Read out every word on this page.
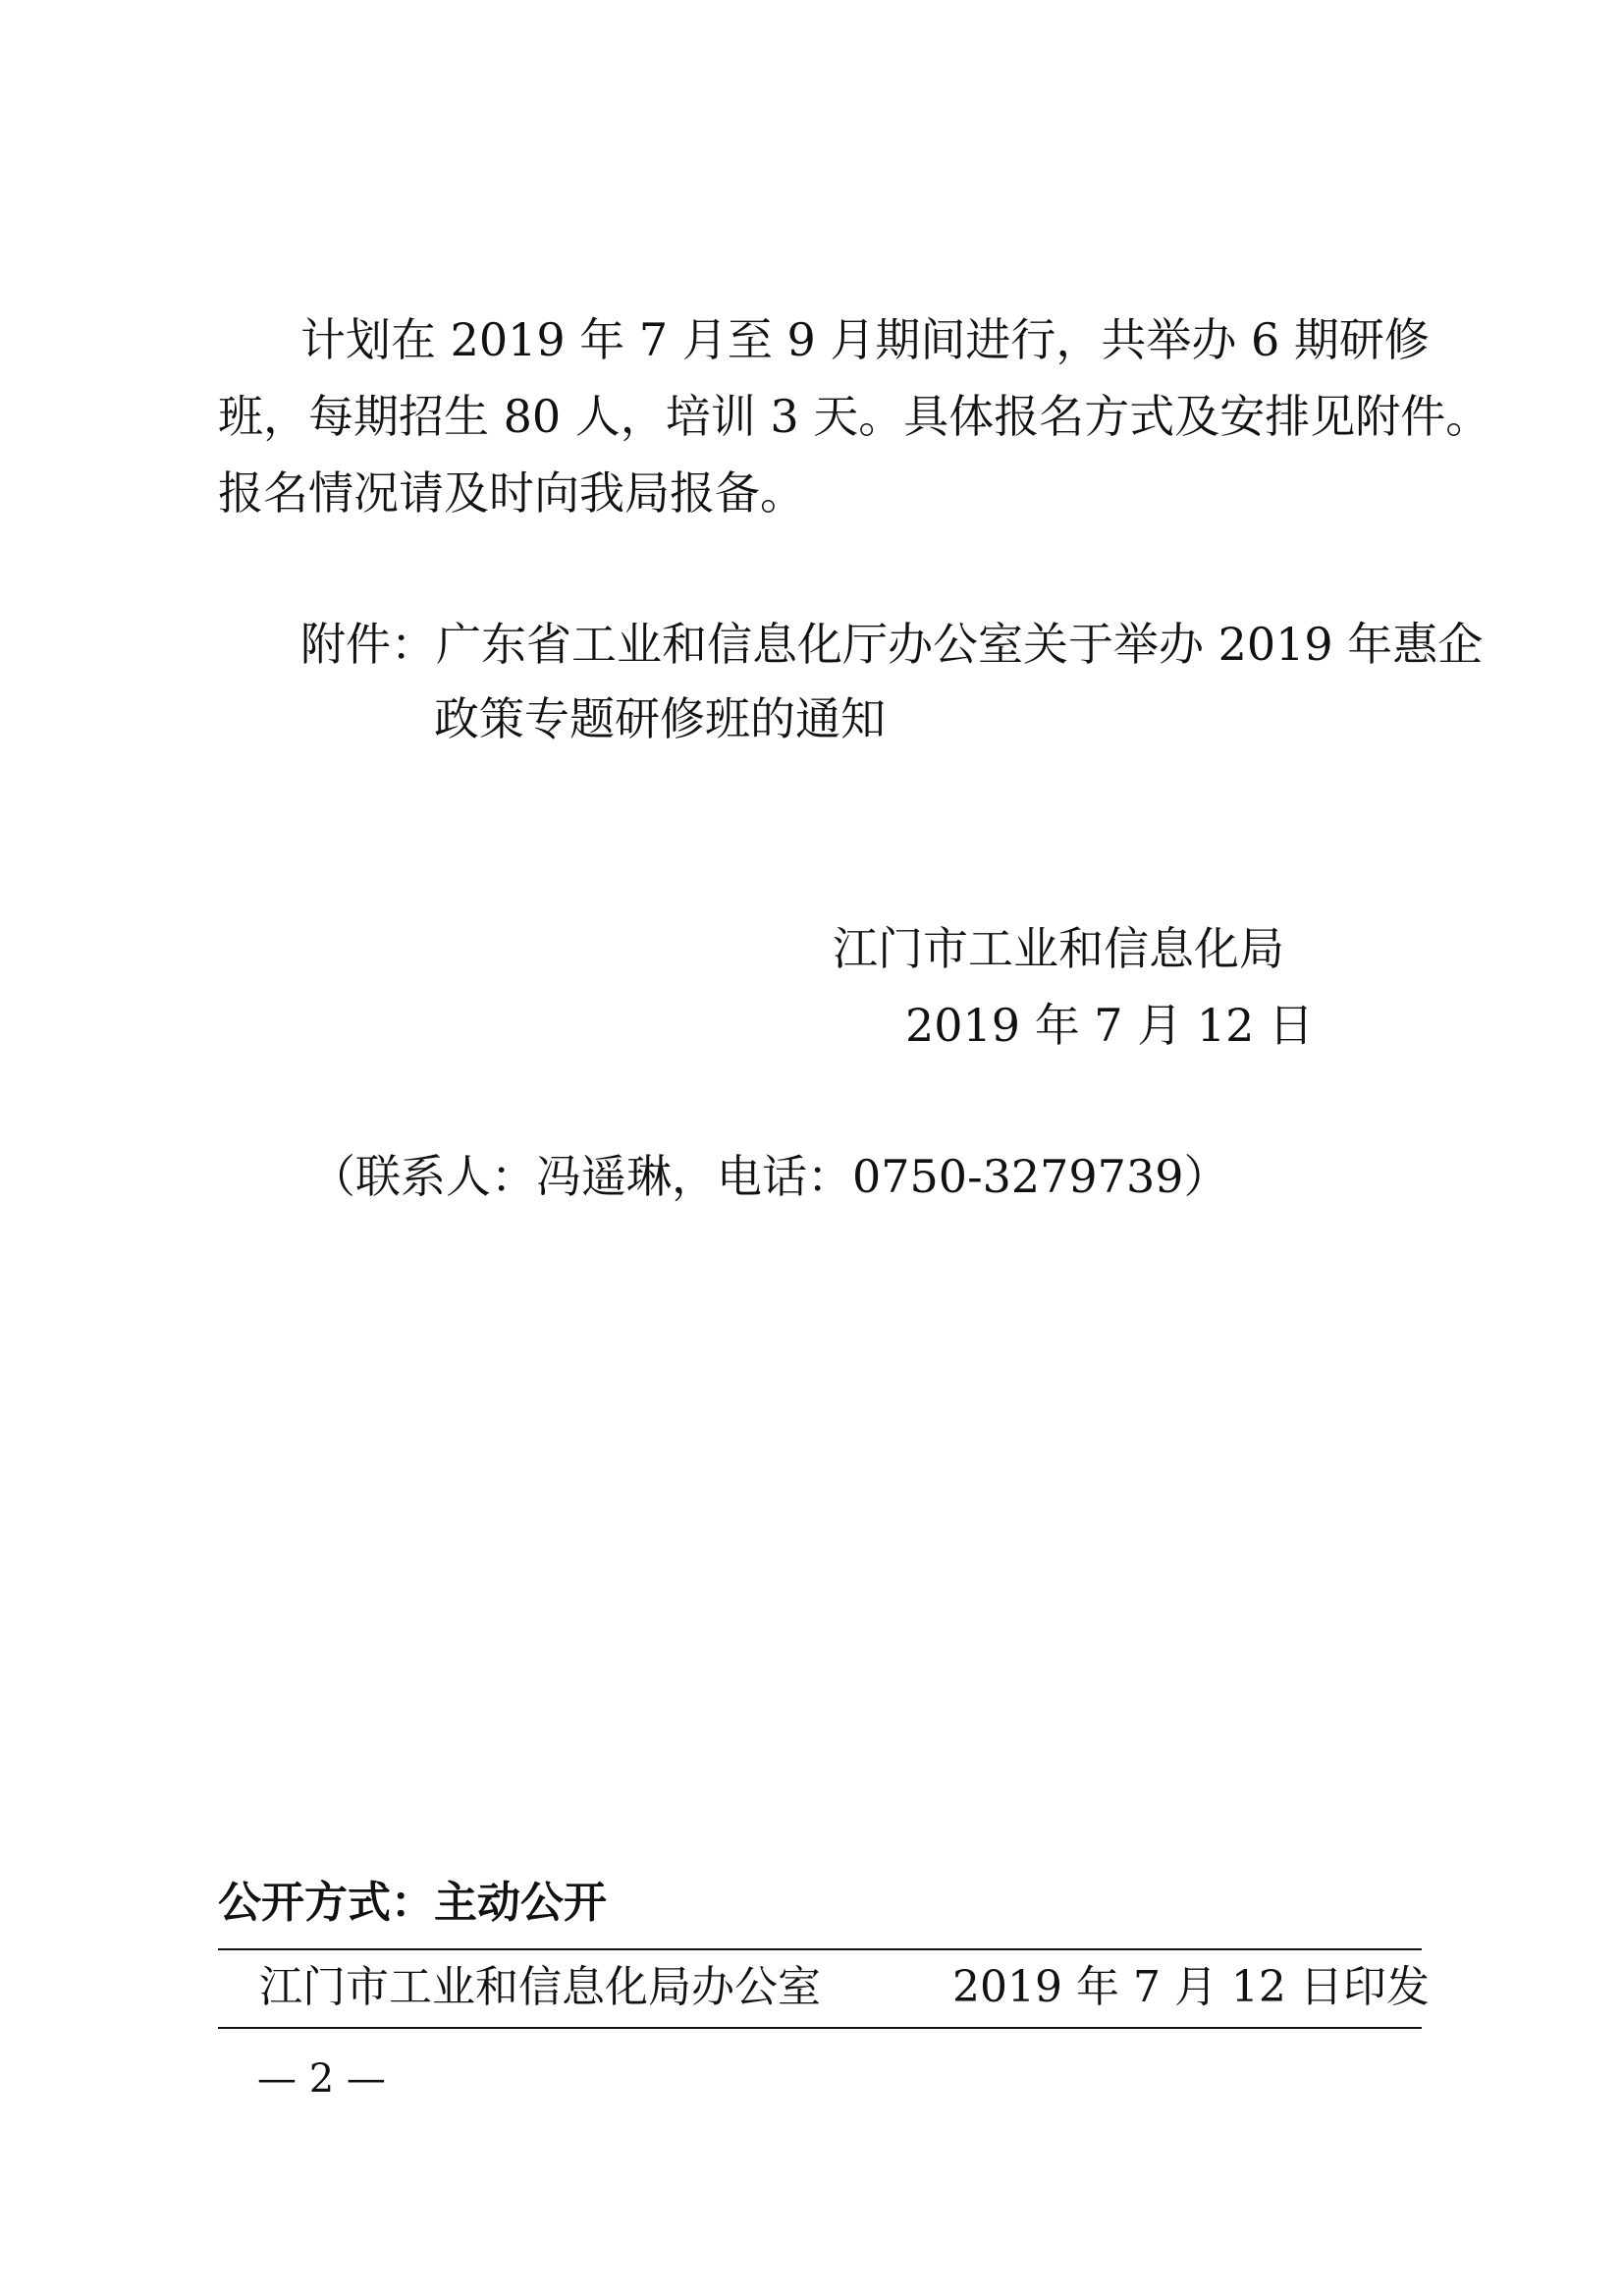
计划在 2019 年 7 月至 9 月期间进行，共举办 6 期研修

班，每期招生 80 人，培训 3 天。具体报名方式及安排见附件。

报名情况请及时向我局报备。

附件：广东省工业和信息化厅办公室关于举办 2019 年惠企

政策专题研修班的通知

江门市工业和信息化局

2019 年 7 月 12 日

（联系人：冯遥琳，电话：0750-3279739）

公开方式：主动公开

江门市工业和信息化局办公室	2019 年 7 月 12 日印发

— 2 —
